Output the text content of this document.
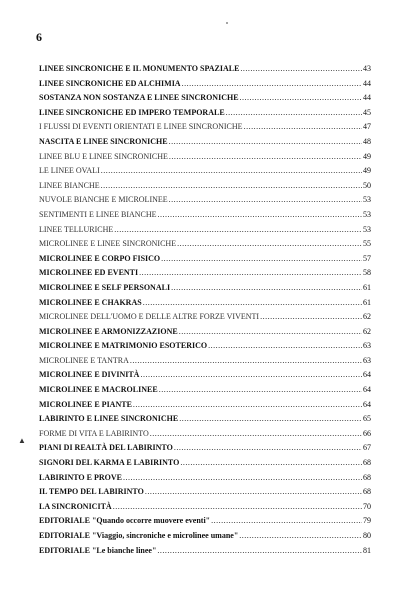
6
▲
LINEE SINCRONICHE E IL MONUMENTO SPAZIALE .....	43
LINEE SINCRONICHE ED ALCHIMIA .....	44
SOSTANZA NON SOSTANZA E LINEE SINCRONICHE .....	44
LINEE SINCRONICHE ED IMPERO TEMPORALE .....	45
I FLUSSI DI EVENTI ORIENTATI E LINEE SINCRONICHE .....	47
NASCITA E LINEE SINCRONICHE .....	48
LINEE BLU E LINEE SINCRONICHE .....	49
LE LINEE OVALI .....	49
LINEE BIANCHE .....	50
NUVOLE BIANCHE E MICROLINEE .....	53
SENTIMENTI E LINEE BIANCHE .....	53
LINEE TELLURICHE .....	53
MICROLINEE E LINEE SINCRONICHE .....	55
MICROLINEE E CORPO FISICO .....	57
MICROLINEE ED EVENTI .....	58
MICROLINEE E SELF PERSONALI .....	61
MICROLINEE E CHAKRAS .....	61
MICROLINEE DELL'UOMO E DELLE ALTRE FORZE VIVENTI .....	62
MICROLINEE E ARMONIZZAZIONE .....	62
MICROLINEE E MATRIMONIO ESOTERICO .....	63
MICROLINEE E TANTRA .....	63
MICROLINEE E DIVINITÀ .....	64
MICROLINEE E MACROLINEE .....	64
MICROLINEE E PIANTE .....	64
LABIRINTO E LINEE SINCRONICHE .....	65
FORME DI VITA E LABIRINTO .....	66
PIANI DI REALTÀ DEL LABIRINTO .....	67
SIGNORI DEL KARMA E LABIRINTO .....	68
LABIRINTO E PROVE .....	68
IL TEMPO DEL LABIRINTO .....	68
LA SINCRONICITÀ .....	70
EDITORIALE "Quando occorre muovere eventi" .....	79
EDITORIALE "Viaggio, sincroniche e microlinee umane" .....	80
EDITORIALE "Le bianche linee" .....	81
